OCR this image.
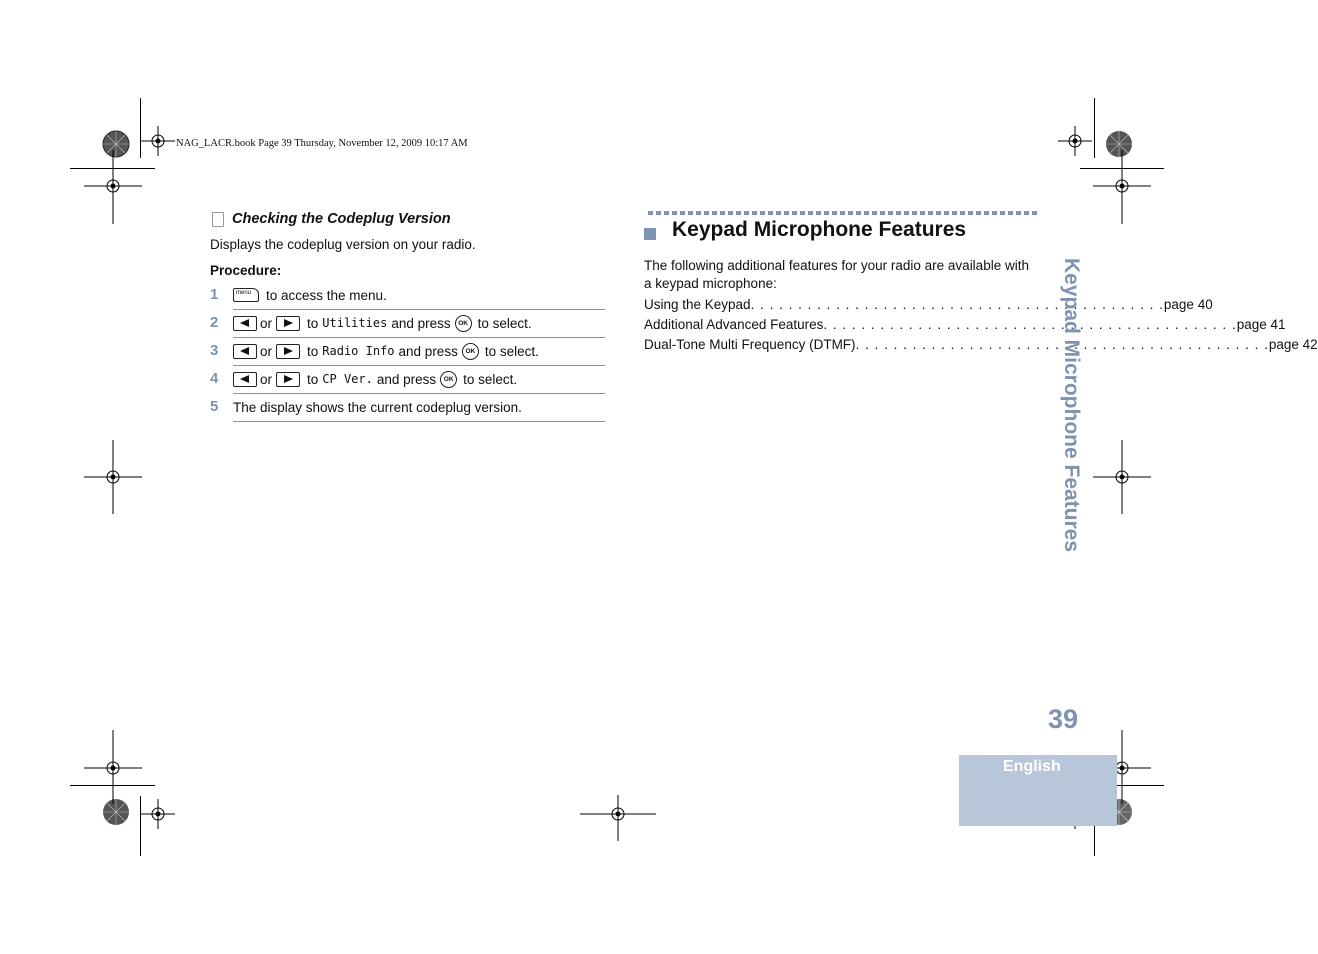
NAG_LACR.book Page 39 Thursday, November 12, 2009 10:17 AM
Checking the Codeplug Version
Displays the codeplug version on your radio.
Procedure:
1	menu to access the menu.
2	or	to Utilities and press	OK to select.
3	or	to Radio Info and press	OK to select.
4	or	to CP Ver. and press	OK to select.
5 The display shows the current codeplug version.
Keypad Microphone Features
The following additional features for your radio are available with a keypad microphone:
Using the Keypad . . . . . . . . . . . . . . . . . . . . . . . . . . . . . . . . . . . . . . . . . . . . page 40
Additional Advanced Features . . . . . . . . . . . . . . . . . . . . . . . . . . . . . . . . . . . . . . . . . . . . page 41
Dual-Tone Multi Frequency (DTMF) . . . . . . . . . . . . . . . . . . . . . . . . . . . . . . . . . . . . . . . . . . . . page 42
Keypad Microphone Features
39
English
